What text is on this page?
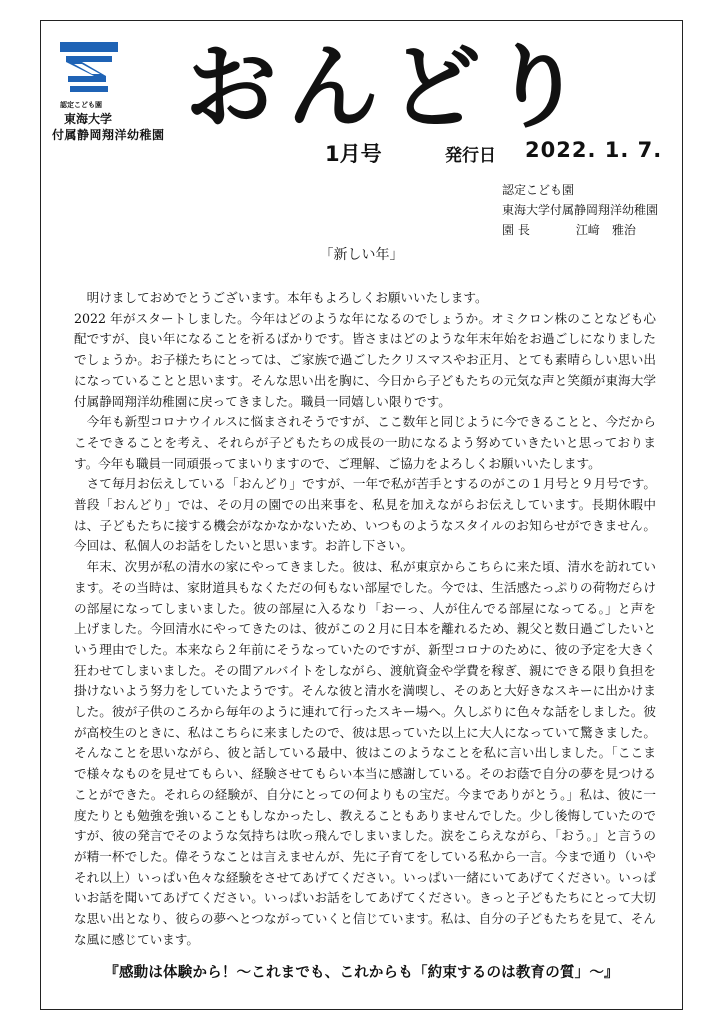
認定こども園
東海大学
付属静岡翔洋幼稚園 おんどり
1月号	発行日 2022. 1. 7.
認定こども園
東海大学付属静岡翔洋幼稚園
園 長	江﨑　雅治
「新しい年」

明けましておめでとうございます。本年もよろしくお願いいたします。

2022 年がスタートしました。今年はどのような年になるのでしょうか。オミクロン株のことなども心配ですが、良い年になることを祈るばかりです。皆さまはどのような年末年始をお過ごしになりましたでしょうか。お子様たちにとっては、ご家族で過ごしたクリスマスやお正月、とても素晴らしい思い出になっていることと思います。そんな思い出を胸に、今日から子どもたちの元気な声と笑顔が東海大学付属静岡翔洋幼稚園に戻ってきました。職員一同嬉しい限りです。

今年も新型コロナウイルスに悩まされそうですが、ここ数年と同じように今できることと、今だからこそできることを考え、それらが子どもたちの成長の一助になるよう努めていきたいと思っております。今年も職員一同頑張ってまいりますので、ご理解、ご協力をよろしくお願いいたします。

さて毎月お伝えしている「おんどり」ですが、一年で私が苦手とするのがこの１月号と９月号です。普段「おんどり」では、その月の園での出来事を、私見を加えながらお伝えしています。長期休暇中は、子どもたちに接する機会がなかなかないため、いつものようなスタイルのお知らせができません。今回は、私個人のお話をしたいと思います。お許し下さい。

年末、次男が私の清水の家にやってきました。彼は、私が東京からこちらに来た頃、清水を訪れています。その当時は、家財道具もなくただの何もない部屋でした。今では、生活感たっぷりの荷物だらけの部屋になってしまいました。彼の部屋に入るなり「おーっ、人が住んでる部屋になってる。」と声を上げました。今回清水にやってきたのは、彼がこの２月に日本を離れるため、親父と数日過ごしたいという理由でした。本来なら２年前にそうなっていたのですが、新型コロナのために、彼の予定を大きく狂わせてしまいました。その間アルバイトをしながら、渡航資金や学費を稼ぎ、親にできる限り負担を掛けないよう努力をしていたようです。そんな彼と清水を満喫し、そのあと大好きなスキーに出かけました。彼が子供のころから毎年のように連れて行ったスキー場へ。久しぶりに色々な話をしました。彼が高校生のときに、私はこちらに来ましたので、彼は思っていた以上に大人になっていて驚きました。そんなことを思いながら、彼と話している最中、彼はこのようなことを私に言い出しました。「ここまで様々なものを見せてもらい、経験させてもらい本当に感謝している。そのお蔭で自分の夢を見つけることができた。それらの経験が、自分にとっての何よりもの宝だ。今までありがとう。」私は、彼に一度たりとも勉強を強いることもしなかったし、教えることもありませんでした。少し後悔していたのですが、彼の発言でそのような気持ちは吹っ飛んでしまいました。涙をこらえながら、「おう。」と言うのが精一杯でした。偉そうなことは言えませんが、先に子育てをしている私から一言。今まで通り（いやそれ以上）いっぱい色々な経験をさせてあげてください。いっぱい一緒にいてあげてください。いっぱいお話を聞いてあげてください。いっぱいお話をしてあげてください。きっと子どもたちにとって大切な思い出となり、彼らの夢へとつながっていくと信じています。私は、自分の子どもたちを見て、そんな風に感じています。

『感動は体験から！～これまでも、これからも「約束するのは教育の質」～』
